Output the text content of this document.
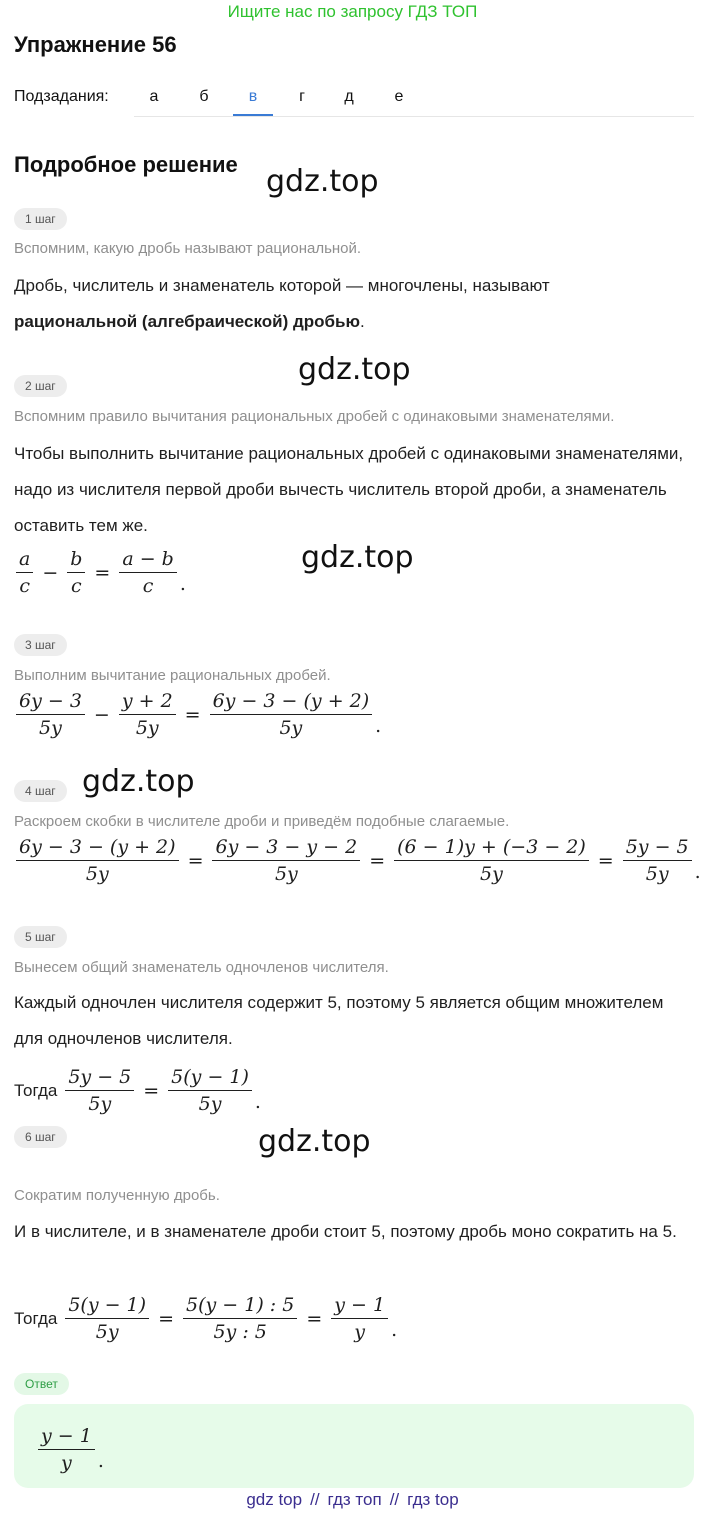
Ищите нас по запросу ГДЗ ТОП
Упражнение 56
Подзадания:	а	б	в	г	д	е
Подробное решение gdz.top
gdz.top
gdz.top
gdz.top
gdz.top
1 шаг
Вспомним, какую дробь называют рациональной.
Дробь, числитель и знаменатель которой — многочлены, называют
рациональной (алгебраической) дробью.
2 шаг
Вспомним правило вычитания рациональных дробей с одинаковыми знаменателями.
Чтобы выполнить вычитание рациональных дробей с одинаковыми знаменателями, надо из числителя первой дроби вычесть числитель второй дроби, а знаменатель оставить тем же.
$\frac{a}{c} - \frac{b}{c} = \frac{a - b}{c}$ .
3 шаг
Выполним вычитание рациональных дробей.
$\frac{6y - 3}{5y} - \frac{y + 2}{5y} = \frac{6y - 3 - (y + 2)}{5y}$ .
4 шаг
Раскроем скобки в числителе дроби и приведём подобные слагаемые.
$\frac{6y - 3 - (y + 2)}{5y} = \frac{6y - 3 - y - 2}{5y} = \frac{(6 - 1)y + (-3 - 2)}{5y} = \frac{5y - 5}{5y}$ .
5 шаг
Вынесем общий знаменатель одночленов числителя.
Каждый одночлен числителя содержит 5, поэтому 5 является общим множителем для одночленов числителя.
Тогда $\frac{5y - 5}{5y} = \frac{5(y - 1)}{5y}$ .
6 шаг
Сократим полученную дробь.
И в числителе, и в знаменателе дроби стоит 5, поэтому дробь моно сократить на 5.
Тогда $\frac{5(y - 1)}{5y} = \frac{5(y - 1) : 5}{5y : 5} = \frac{y - 1}{y}$ .
Ответ
$\frac{y - 1}{y}$ .
gdz top // гдз топ // гдз top
